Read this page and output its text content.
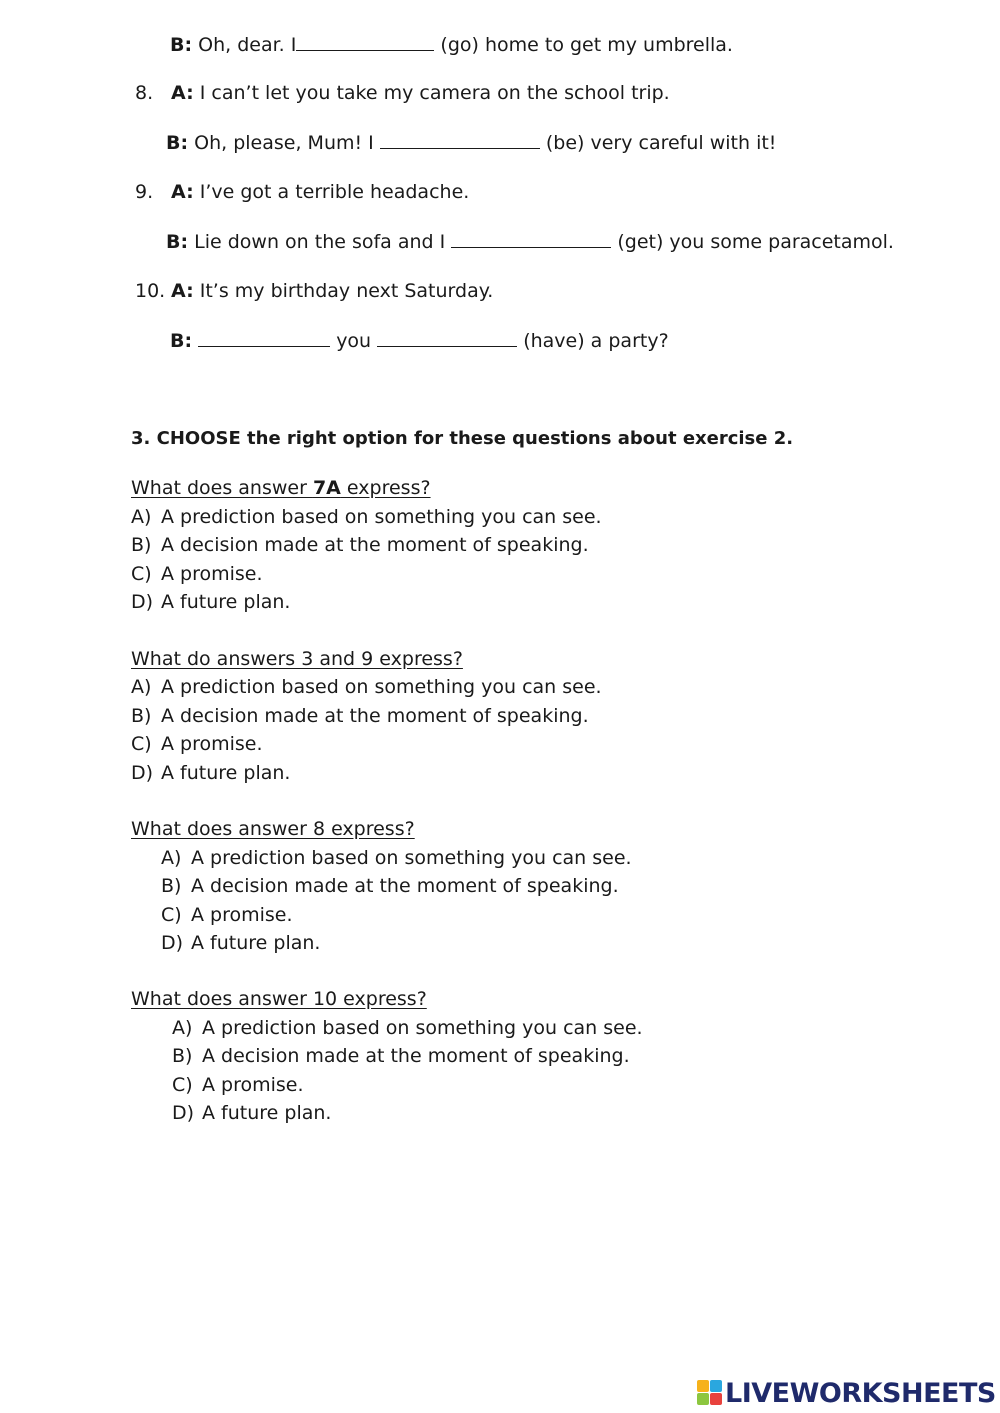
B: Oh, dear. I	(go) home to get my umbrella.
8. A: I can’t let you take my camera on the school trip.
B: Oh, please, Mum! I	(be) very careful with it!
9. A: I’ve got a terrible headache.
B: Lie down on the sofa and I	(get) you some paracetamol.
10. A: It’s my birthday next Saturday.
B:	you	(have) a party?
3. CHOOSE the right option for these questions about exercise 2.
What does answer 7A express?
A) A prediction based on something you can see.
B) A decision made at the moment of speaking.
C) A promise.
D) A future plan.
What do answers 3 and 9 express?
A) A prediction based on something you can see.
B) A decision made at the moment of speaking.
C) A promise.
D) A future plan.
What does answer 8 express?
A) A prediction based on something you can see.
B) A decision made at the moment of speaking.
C) A promise.
D) A future plan.
What does answer 10 express?
A) A prediction based on something you can see.
B) A decision made at the moment of speaking.
C) A promise.
D) A future plan.
LIVEWORKSHEETS
